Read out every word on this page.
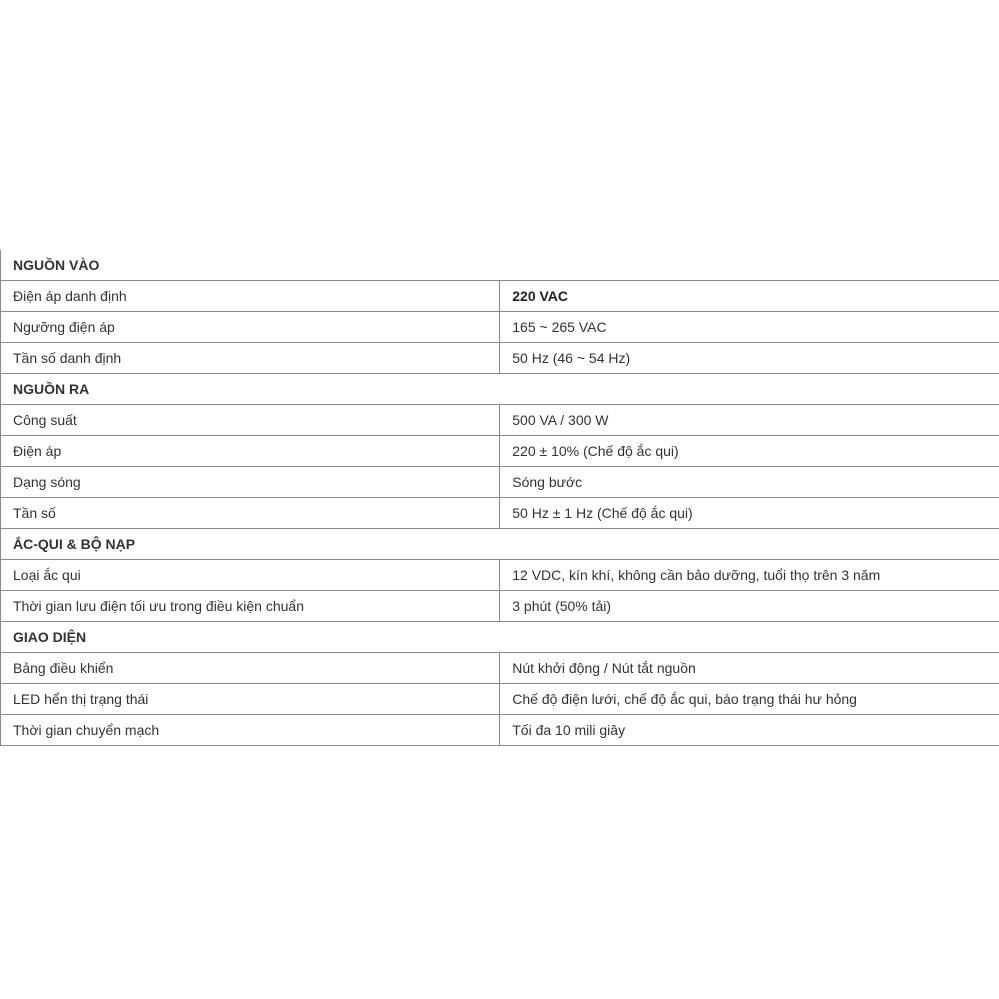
NGUỒN VÀO	
Điện áp danh định	220 VAC
Ngưỡng điện áp	165 ~ 265 VAC
Tần số danh định	50 Hz (46 ~ 54 Hz)
NGUỒN RA	
Công suất	500 VA / 300 W
Điện áp	220 ± 10% (Chế độ ắc qui)
Dạng sóng	Sóng bước
Tần số	50 Hz ± 1 Hz (Chế độ ắc qui)
ẮC-QUI & BỘ NẠP	
Loại ắc qui	12 VDC, kín khí, không cần bảo dưỡng, tuổi thọ trên 3 năm
Thời gian lưu điện tối ưu trong điều kiện chuẩn	3 phút (50% tải)
GIAO DIỆN	
Bảng điều khiển	Nút khởi động / Nút tắt nguồn
LED hển thị trạng thái	Chế độ điện lưới, chế độ ắc qui, báo trạng thái hư hỏng
Thời gian chuyển mạch	Tối đa 10 mili giây
